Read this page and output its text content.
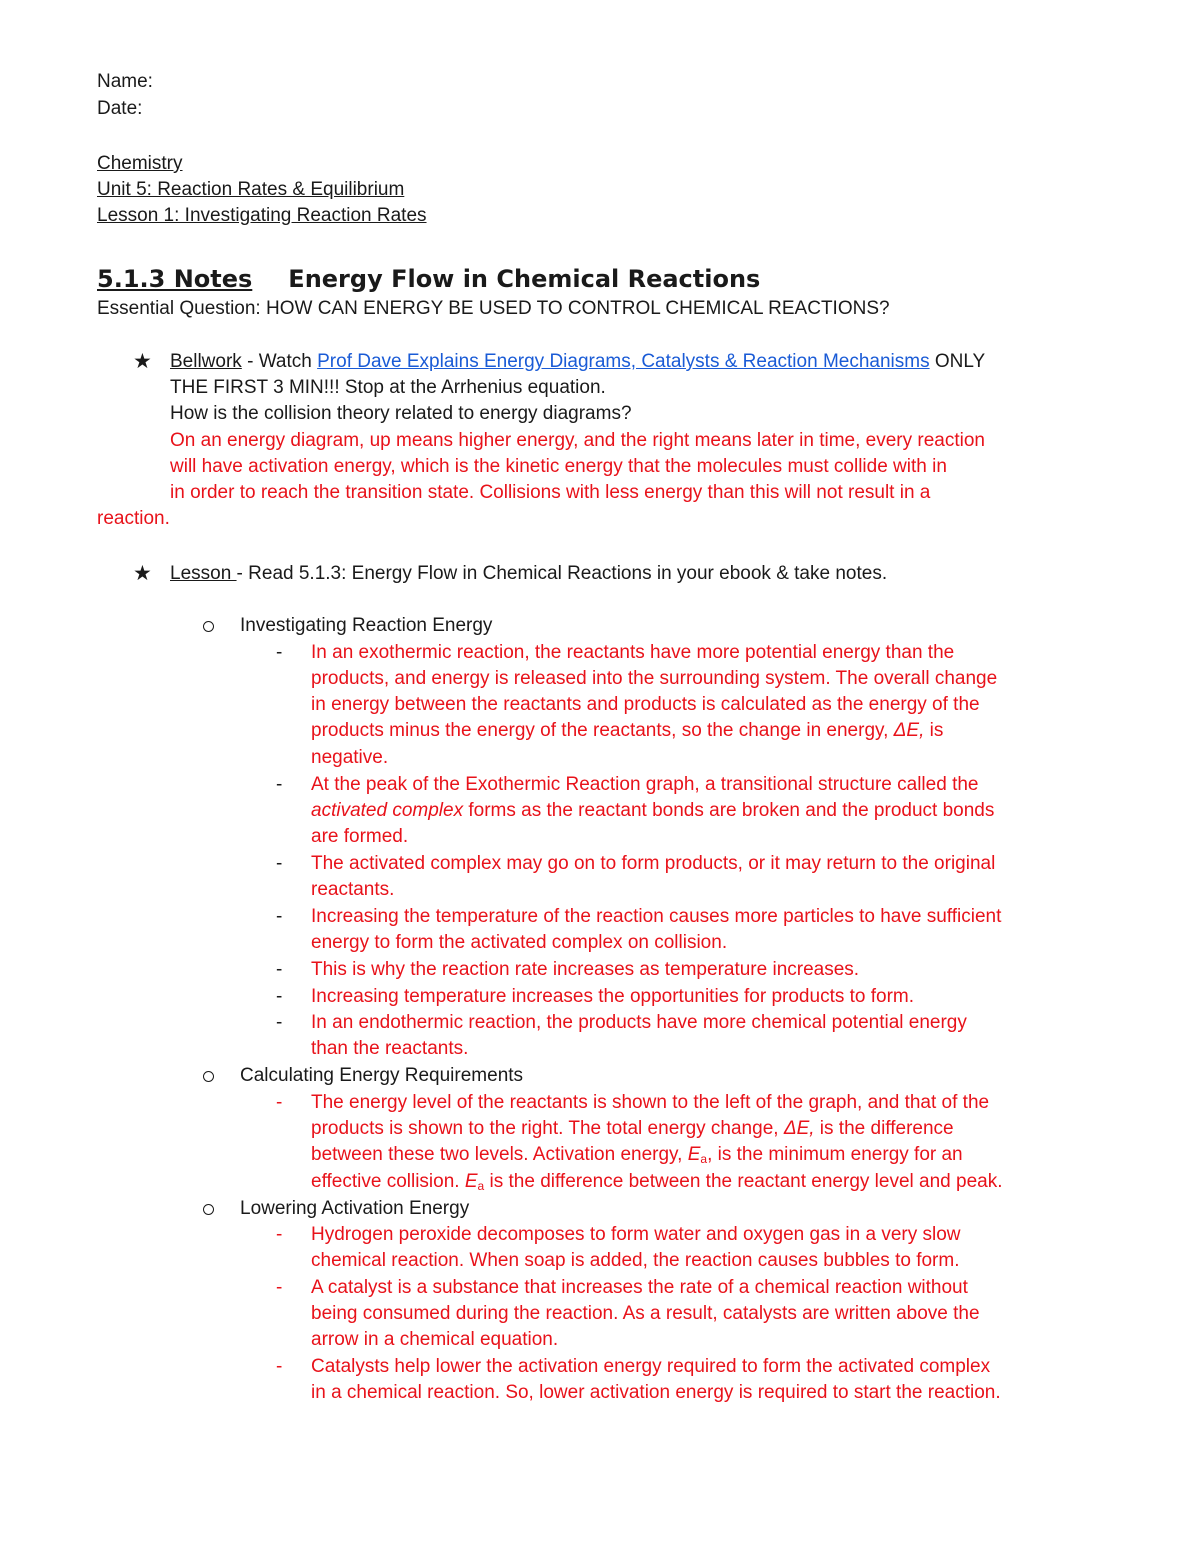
Name:
Date:
Chemistry
Unit 5: Reaction Rates & Equilibrium
Lesson 1: Investigating Reaction Rates
5.1.3 Notes Energy Flow in Chemical Reactions
Essential Question: HOW CAN ENERGY BE USED TO CONTROL CHEMICAL REACTIONS?
★ Bellwork - Watch Prof Dave Explains Energy Diagrams, Catalysts & Reaction Mechanisms ONLY
THE FIRST 3 MIN!!! Stop at the Arrhenius equation.
How is the collision theory related to energy diagrams?
On an energy diagram, up means higher energy, and the right means later in time, every reaction
will have activation energy, which is the kinetic energy that the molecules must collide with in
in order to reach the transition state. Collisions with less energy than this will not result in a
reaction.
★ Lesson - Read 5.1.3: Energy Flow in Chemical Reactions in your ebook & take notes.
Investigating Reaction Energy
- In an exothermic reaction, the reactants have more potential energy than the
products, and energy is released into the surrounding system. The overall change
in energy between the reactants and products is calculated as the energy of the
products minus the energy of the reactants, so the change in energy, ΔE, is
negative.
- At the peak of the Exothermic Reaction graph, a transitional structure called the
activated complex forms as the reactant bonds are broken and the product bonds
are formed.
- The activated complex may go on to form products, or it may return to the original
reactants.
- Increasing the temperature of the reaction causes more particles to have sufficient
energy to form the activated complex on collision.
- This is why the reaction rate increases as temperature increases.
- Increasing temperature increases the opportunities for products to form.
- In an endothermic reaction, the products have more chemical potential energy
than the reactants.
Calculating Energy Requirements
- The energy level of the reactants is shown to the left of the graph, and that of the
products is shown to the right. The total energy change, ΔE, is the difference
between these two levels. Activation energy, $E_a$, is the minimum energy for an
effective collision. $E_a$ is the difference between the reactant energy level and peak.
Lowering Activation Energy
- Hydrogen peroxide decomposes to form water and oxygen gas in a very slow
chemical reaction. When soap is added, the reaction causes bubbles to form.
- A catalyst is a substance that increases the rate of a chemical reaction without
being consumed during the reaction. As a result, catalysts are written above the
arrow in a chemical equation.
- Catalysts help lower the activation energy required to form the activated complex
in a chemical reaction. So, lower activation energy is required to start the reaction.
